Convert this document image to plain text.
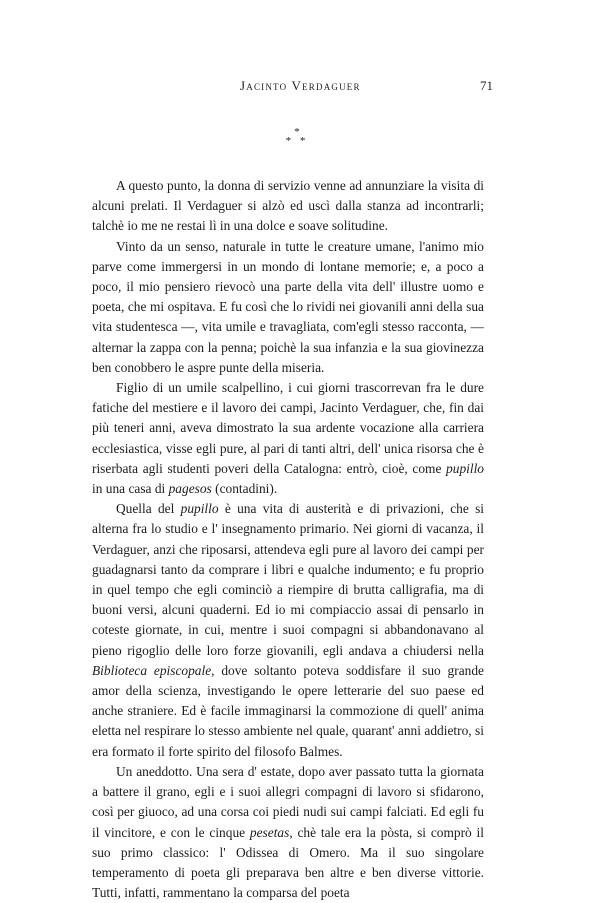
Jacinto Verdaguer	71
*
* *

A questo punto, la donna di servizio venne ad annunziare la visita di alcuni prelati. Il Verdaguer si alzò ed uscì dalla stanza ad incontrarli; talchè io me ne restai lì in una dolce e soave solitudine.

Vinto da un senso, naturale in tutte le creature umane, l'animo mio parve come immergersi in un mondo di lontane memorie; e, a poco a poco, il mio pensiero rievocò una parte della vita dell' illustre uomo e poeta, che mi ospitava. E fu così che lo rividi nei giovanili anni della sua vita studentesca —, vita umile e travagliata, com'egli stesso racconta, — alternar la zappa con la penna; poichè la sua infanzia e la sua giovinezza ben conobbero le aspre punte della miseria.

Figlio di un umile scalpellino, i cui giorni trascorrevan fra le dure fatiche del mestiere e il lavoro dei campi, Jacinto Verdaguer, che, fin dai più teneri anni, aveva dimostrato la sua ardente vocazione alla carriera ecclesiastica, visse egli pure, al pari di tanti altri, dell' unica risorsa che è riserbata agli studenti poveri della Catalogna: entrò, cioè, come pupillo in una casa di pagesos (contadini).

Quella del pupillo è una vita di austerità e di privazioni, che si alterna fra lo studio e l' insegnamento primario. Nei giorni di vacanza, il Verdaguer, anzi che riposarsi, attendeva egli pure al lavoro dei campi per guadagnarsi tanto da comprare i libri e qualche indumento; e fu proprio in quel tempo che egli cominciò a riempire di brutta calligrafia, ma di buoni versi, alcuni quaderni. Ed io mi compiaccio assai di pensarlo in coteste giornate, in cui, mentre i suoi compagni si abbandonavano al pieno rigoglio delle loro forze giovanili, egli andava a chiudersi nella Biblioteca episcopale, dove soltanto poteva soddisfare il suo grande amor della scienza, investigando le opere letterarie del suo paese ed anche straniere. Ed è facile immaginarsi la commozione di quell' anima eletta nel respirare lo stesso ambiente nel quale, quarant' anni addietro, si era formato il forte spirito del filosofo Balmes.

Un aneddotto. Una sera d' estate, dopo aver passato tutta la giornata a battere il grano, egli e i suoi allegri compagni di lavoro si sfidarono, così per giuoco, ad una corsa coi piedi nudi sui campi falciati. Ed egli fu il vincitore, e con le cinque pesetas, chè tale era la pòsta, si comprò il suo primo classico: l' Odissea di Omero. Ma il suo singolare temperamento di poeta gli preparava ben altre e ben diverse vittorie. Tutti, infatti, rammentano la comparsa del poeta
